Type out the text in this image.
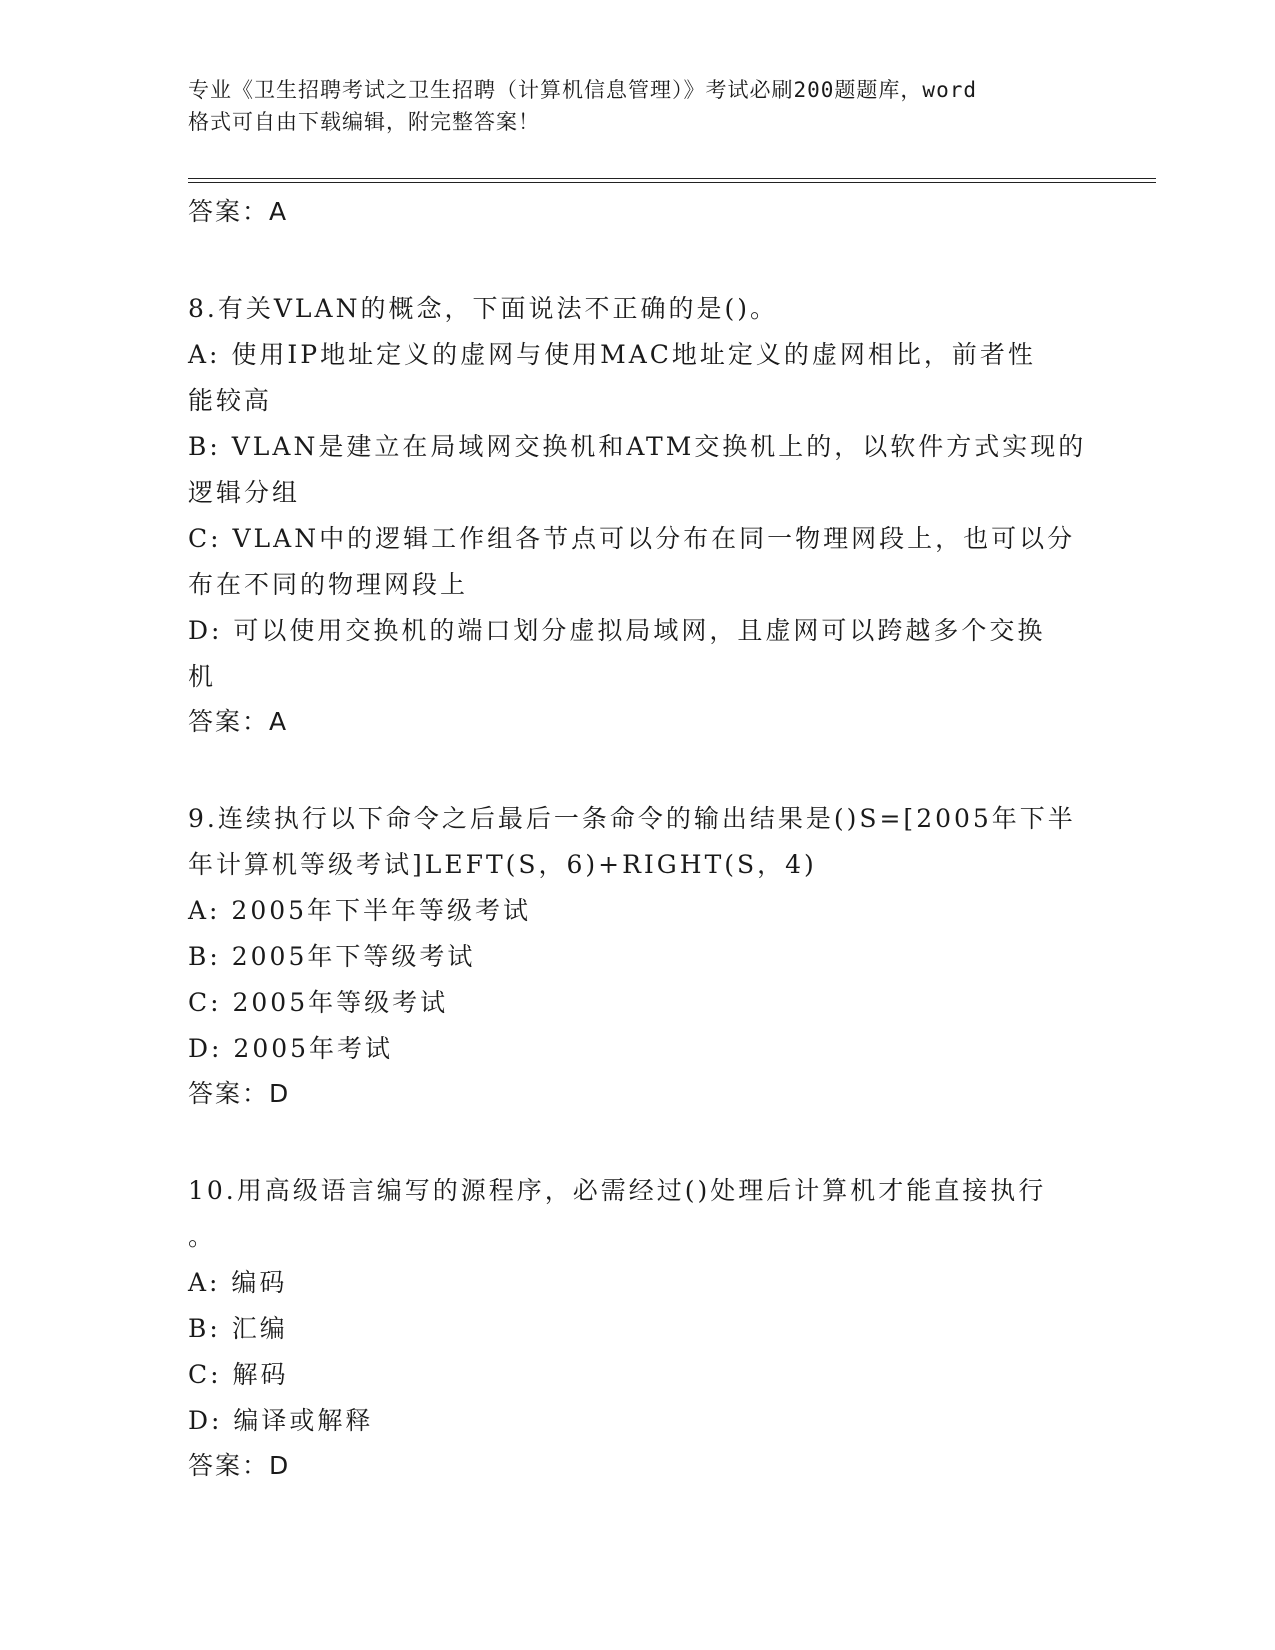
专业《卫生招聘考试之卫生招聘（计算机信息管理）》考试必刷200题题库，word
格式可自由下载编辑，附完整答案！
答案：A
8.有关VLAN的概念，下面说法不正确的是()。
A: 使用IP地址定义的虚网与使用MAC地址定义的虚网相比，前者性
能较高
B: VLAN是建立在局域网交换机和ATM交换机上的，以软件方式实现的
逻辑分组
C: VLAN中的逻辑工作组各节点可以分布在同一物理网段上，也可以分
布在不同的物理网段上
D: 可以使用交换机的端口划分虚拟局域网，且虚网可以跨越多个交换
机
答案：A
9.连续执行以下命令之后最后一条命令的输出结果是()S=[2005年下半
年计算机等级考试]LEFT(S，6)+RIGHT(S，4)
A: 2005年下半年等级考试
B: 2005年下等级考试
C: 2005年等级考试
D: 2005年考试
答案：D
10.用高级语言编写的源程序，必需经过()处理后计算机才能直接执行
。
A: 编码
B: 汇编
C: 解码
D: 编译或解释
答案：D
